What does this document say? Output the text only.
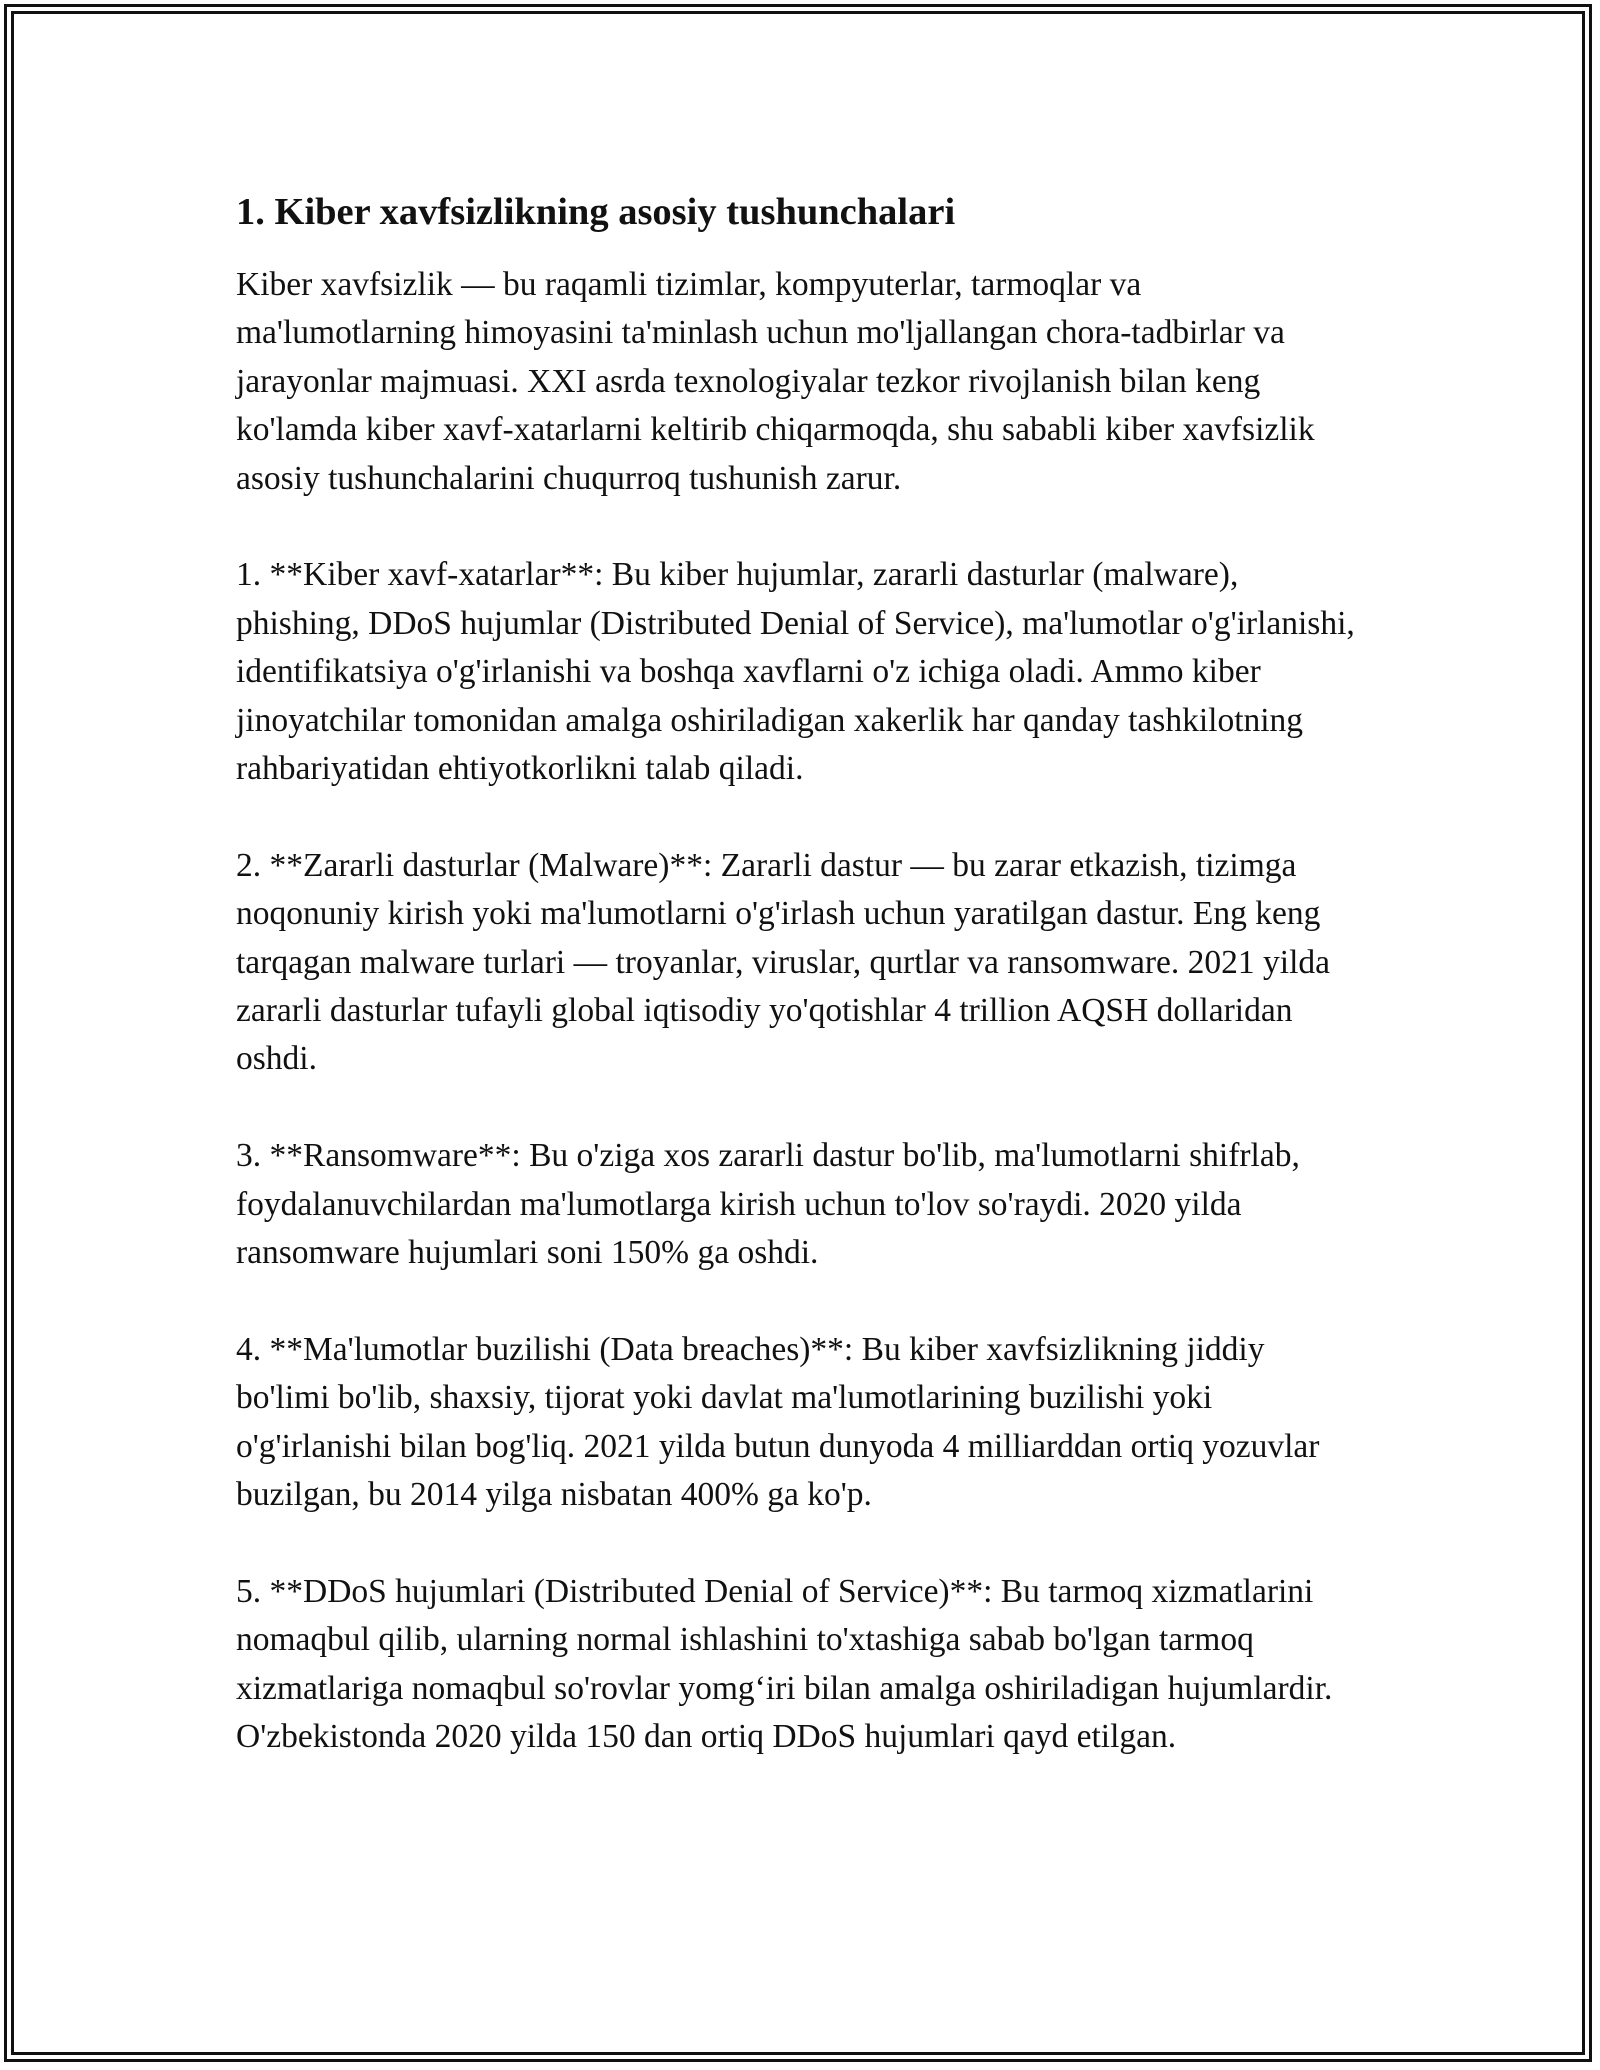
1. Kiber xavfsizlikning asosiy tushunchalari

Kiber xavfsizlik — bu raqamli tizimlar, kompyuterlar, tarmoqlar va ma'lumotlarning himoyasini ta'minlash uchun mo'ljallangan chora-tadbirlar va jarayonlar majmuasi. XXI asrda texnologiyalar tezkor rivojlanish bilan keng ko'lamda kiber xavf-xatarlarni keltirib chiqarmoqda, shu sababli kiber xavfsizlik asosiy tushunchalarini chuqurroq tushunish zarur.

1. **Kiber xavf-xatarlar**: Bu kiber hujumlar, zararli dasturlar (malware), phishing, DDoS hujumlar (Distributed Denial of Service), ma'lumotlar o'g'irlanishi, identifikatsiya o'g'irlanishi va boshqa xavflarni o'z ichiga oladi. Ammo kiber jinoyatchilar tomonidan amalga oshiriladigan xakerlik har qanday tashkilotning rahbariyatidan ehtiyotkorlikni talab qiladi.

2. **Zararli dasturlar (Malware)**: Zararli dastur — bu zarar etkazish, tizimga noqonuniy kirish yoki ma'lumotlarni o'g'irlash uchun yaratilgan dastur. Eng keng tarqagan malware turlari — troyanlar, viruslar, qurtlar va ransomware. 2021 yilda zararli dasturlar tufayli global iqtisodiy yo'qotishlar 4 trillion AQSH dollaridan oshdi.

3. **Ransomware**: Bu o'ziga xos zararli dastur bo'lib, ma'lumotlarni shifrlab, foydalanuvchilardan ma'lumotlarga kirish uchun to'lov so'raydi. 2020 yilda ransomware hujumlari soni 150% ga oshdi.

4. **Ma'lumotlar buzilishi (Data breaches)**: Bu kiber xavfsizlikning jiddiy bo'limi bo'lib, shaxsiy, tijorat yoki davlat ma'lumotlarining buzilishi yoki o'g'irlanishi bilan bog'liq. 2021 yilda butun dunyoda 4 milliarddan ortiq yozuvlar buzilgan, bu 2014 yilga nisbatan 400% ga ko'p.

5. **DDoS hujumlari (Distributed Denial of Service)**: Bu tarmoq xizmatlarini nomaqbul qilib, ularning normal ishlashini to'xtashiga sabab bo'lgan tarmoq xizmatlariga nomaqbul so'rovlar yomg‘iri bilan amalga oshiriladigan hujumlardir. O'zbekistonda 2020 yilda 150 dan ortiq DDoS hujumlari qayd etilgan.
